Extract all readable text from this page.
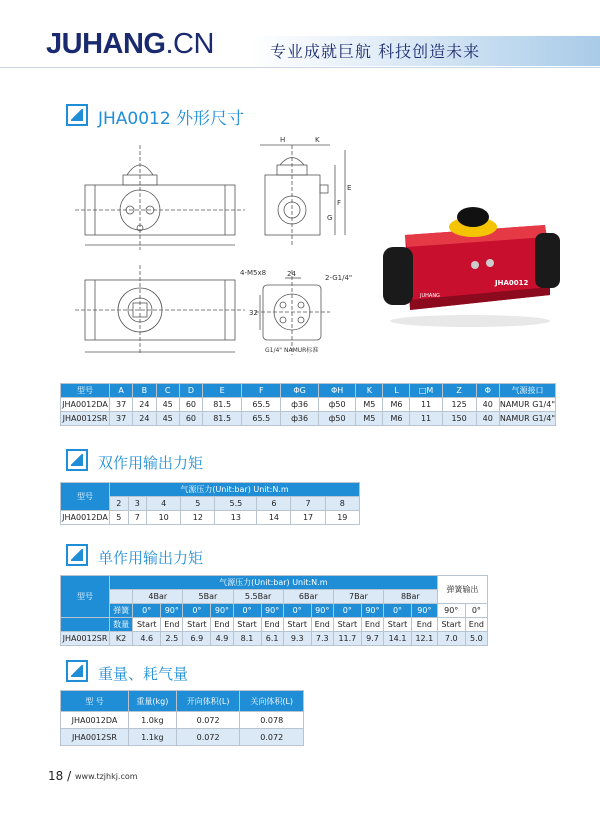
JUHANG.CN	专业成就巨航 科技创造未来
JHA0012 外形尺寸
E
F
G
H	K
4-M5x8	24
32
2-G1/4"
G1/4" NAMUR标准
JUHANG
JHA0012
型号	A	B	C	D	E	F	ΦG	ΦH	K	L	□M	Z	Φ	气源接口
JHA0012DA	37	24	45	60	81.5	65.5	ф36	ф50	M5	M6	11	125	40	NAMUR G1/4"
JHA0012SR	37	24	45	60	81.5	65.5	ф36	ф50	M5	M6	11	150	40	NAMUR G1/4"
双作用输出力矩
型号	气源压力(Unit:bar) Unit:N.m							
	2	3	4	5	5.5	6	7	8
JHA0012DA	5	7	10	12	13	14	17	19
单作用输出力矩
型号	气源压力(Unit:bar) Unit:N.m													弹簧输出	
		4Bar		5Bar		5.5Bar		6Bar		7Bar		8Bar			
	弹簧	0°	90°	0°	90°	0°	90°	0°	90°	0°	90°	0°	90°	90°	0°
	数量	Start	End	Start	End	Start	End	Start	End	Start	End	Start	End	Start	End
JHA0012SR	K2	4.6	2.5	6.9	4.9	8.1	6.1	9.3	7.3	11.7	9.7	14.1	12.1	7.0	5.0
重量、耗气量
型 号	重量(kg)	开向体积(L)	关向体积(L)
JHA0012DA	1.0kg	0.072	0.078
JHA0012SR	1.1kg	0.072	0.072
18 / www.tzjhkj.com
